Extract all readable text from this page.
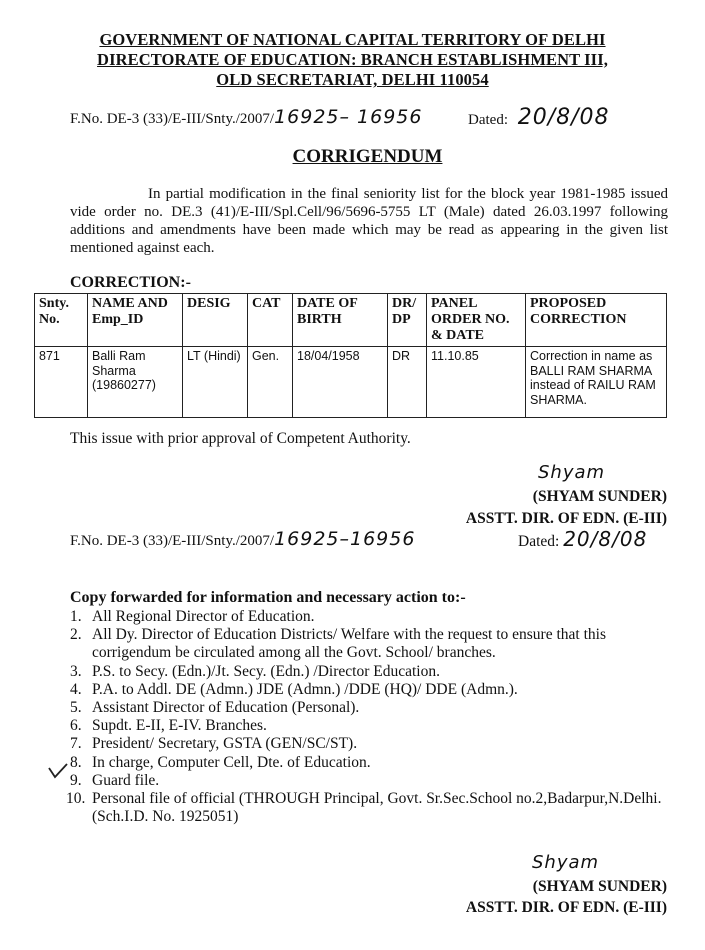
GOVERNMENT OF NATIONAL CAPITAL TERRITORY OF DELHI
DIRECTORATE OF EDUCATION: BRANCH ESTABLISHMENT III,
OLD SECRETARIAT, DELHI 110054
F.No. DE-3 (33)/E-III/Snty./2007/16925– 16956	Dated: 20/8/08
CORRIGENDUM
In partial modification in the final seniority list for the block year 1981-1985 issued vide order no. DE.3 (41)/E-III/Spl.Cell/96/5696-5755 LT (Male) dated 26.03.1997 following additions and amendments have been made which may be read as appearing in the given list mentioned against each.
CORRECTION:-
Snty. No.	NAME AND Emp_ID	DESIG	CAT	DATE OF BIRTH	DR/ DP	PANEL ORDER NO. & DATE	PROPOSED CORRECTION
871	Balli Ram Sharma (19860277)	LT (Hindi)	Gen.	18/04/1958	DR	11.10.85	Correction in name as BALLI RAM SHARMA instead of RAILU RAM SHARMA.
This issue with prior approval of Competent Authority.
Shyam
(SHYAM SUNDER)
ASSTT. DIR. OF EDN. (E-III)
Dated: 20/8/08
F.No. DE-3 (33)/E-III/Snty./2007/16925–16956
Copy forwarded for information and necessary action to:-
1. All Regional Director of Education.
2. All Dy. Director of Education Districts/ Welfare with the request to ensure that this corrigendum be circulated among all the Govt. School/ branches.
3. P.S. to Secy. (Edn.)/Jt. Secy. (Edn.) /Director Education.
4. P.A. to Addl. DE (Admn.) JDE (Admn.) /DDE (HQ)/ DDE (Admn.).
5. Assistant Director of Education (Personal).
6. Supdt. E-II, E-IV. Branches.
7. President/ Secretary, GSTA (GEN/SC/ST).
8. In charge, Computer Cell, Dte. of Education.
9. Guard file.
10. Personal file of official (THROUGH Principal, Govt. Sr.Sec.School no.2,Badarpur,N.Delhi.(Sch.I.D. No. 1925051)
Shyam
(SHYAM SUNDER)
ASSTT. DIR. OF EDN. (E-III)
